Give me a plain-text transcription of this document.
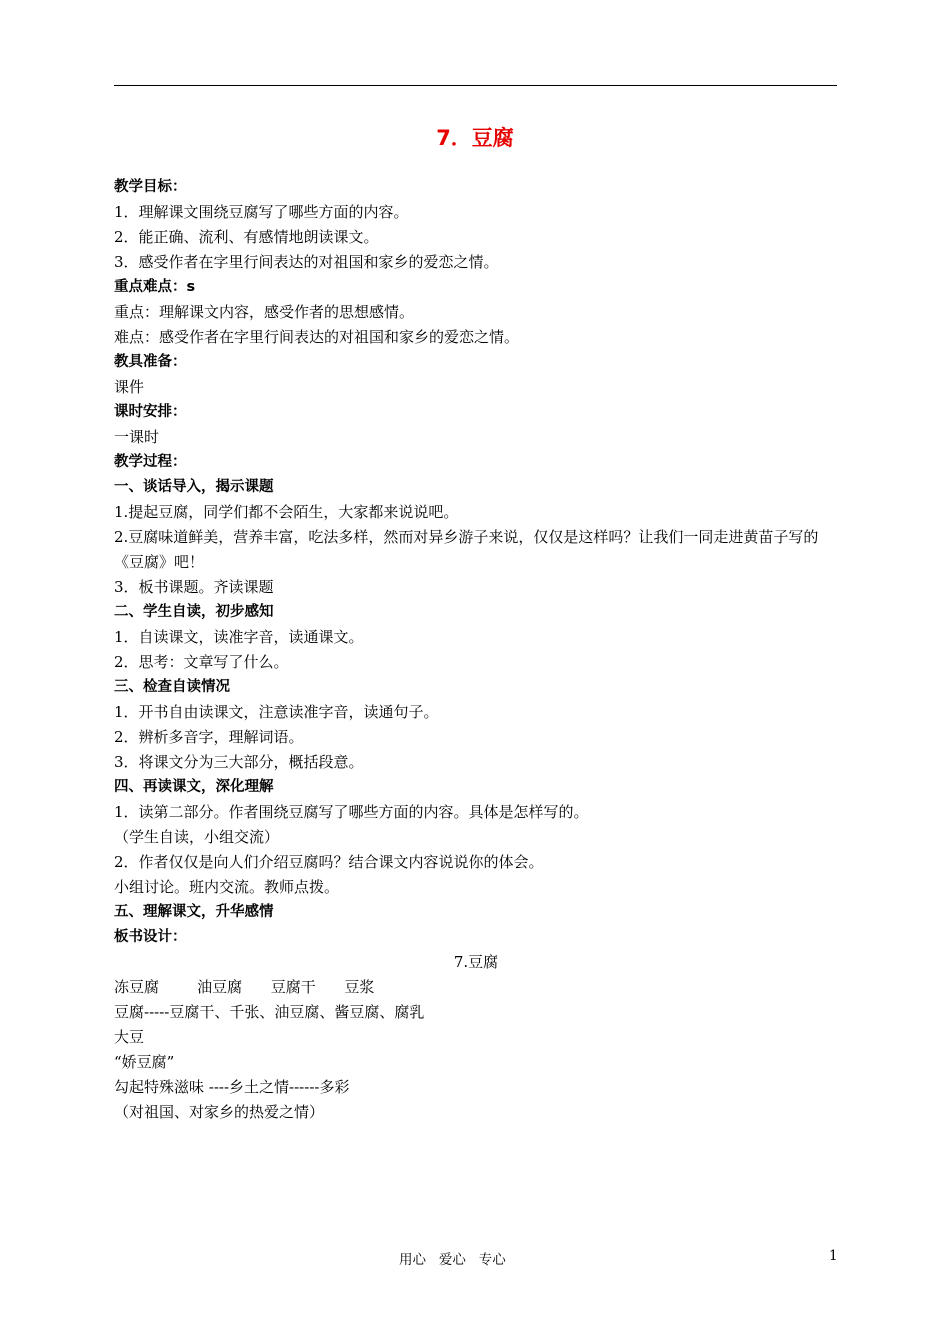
7．豆腐
教学目标：
1．理解课文围绕豆腐写了哪些方面的内容。
2．能正确、流利、有感情地朗读课文。
3．感受作者在字里行间表达的对祖国和家乡的爱恋之情。
重点难点：s
重点：理解课文内容，感受作者的思想感情。
难点：感受作者在字里行间表达的对祖国和家乡的爱恋之情。
教具准备：
课件
课时安排：
一课时
教学过程：
一、谈话导入，揭示课题
1.提起豆腐，同学们都不会陌生，大家都来说说吧。
2.豆腐味道鲜美，营养丰富，吃法多样，然而对异乡游子来说，仅仅是这样吗？让我们一同走进黄苗子写的《豆腐》吧！
3．板书课题。齐读课题
二、学生自读，初步感知
1．自读课文，读准字音，读通课文。
2．思考：文章写了什么。
三、检查自读情况
1．开书自由读课文，注意读准字音，读通句子。
2．辨析多音字，理解词语。
3．将课文分为三大部分，概括段意。
四、再读课文，深化理解
1．读第二部分。作者围绕豆腐写了哪些方面的内容。具体是怎样写的。
（学生自读，小组交流）
2．作者仅仅是向人们介绍豆腐吗？结合课文内容说说你的体会。
小组讨论。班内交流。教师点拨。
五、理解课文，升华感情
板书设计：
7.豆腐
冻豆腐        油豆腐      豆腐干      豆浆
豆腐-----豆腐干、千张、油豆腐、酱豆腐、腐乳
大豆
“娇豆腐”
勾起特殊滋味 ----乡土之情------多彩
（对祖国、对家乡的热爱之情）
用心   爱心   专心	1
